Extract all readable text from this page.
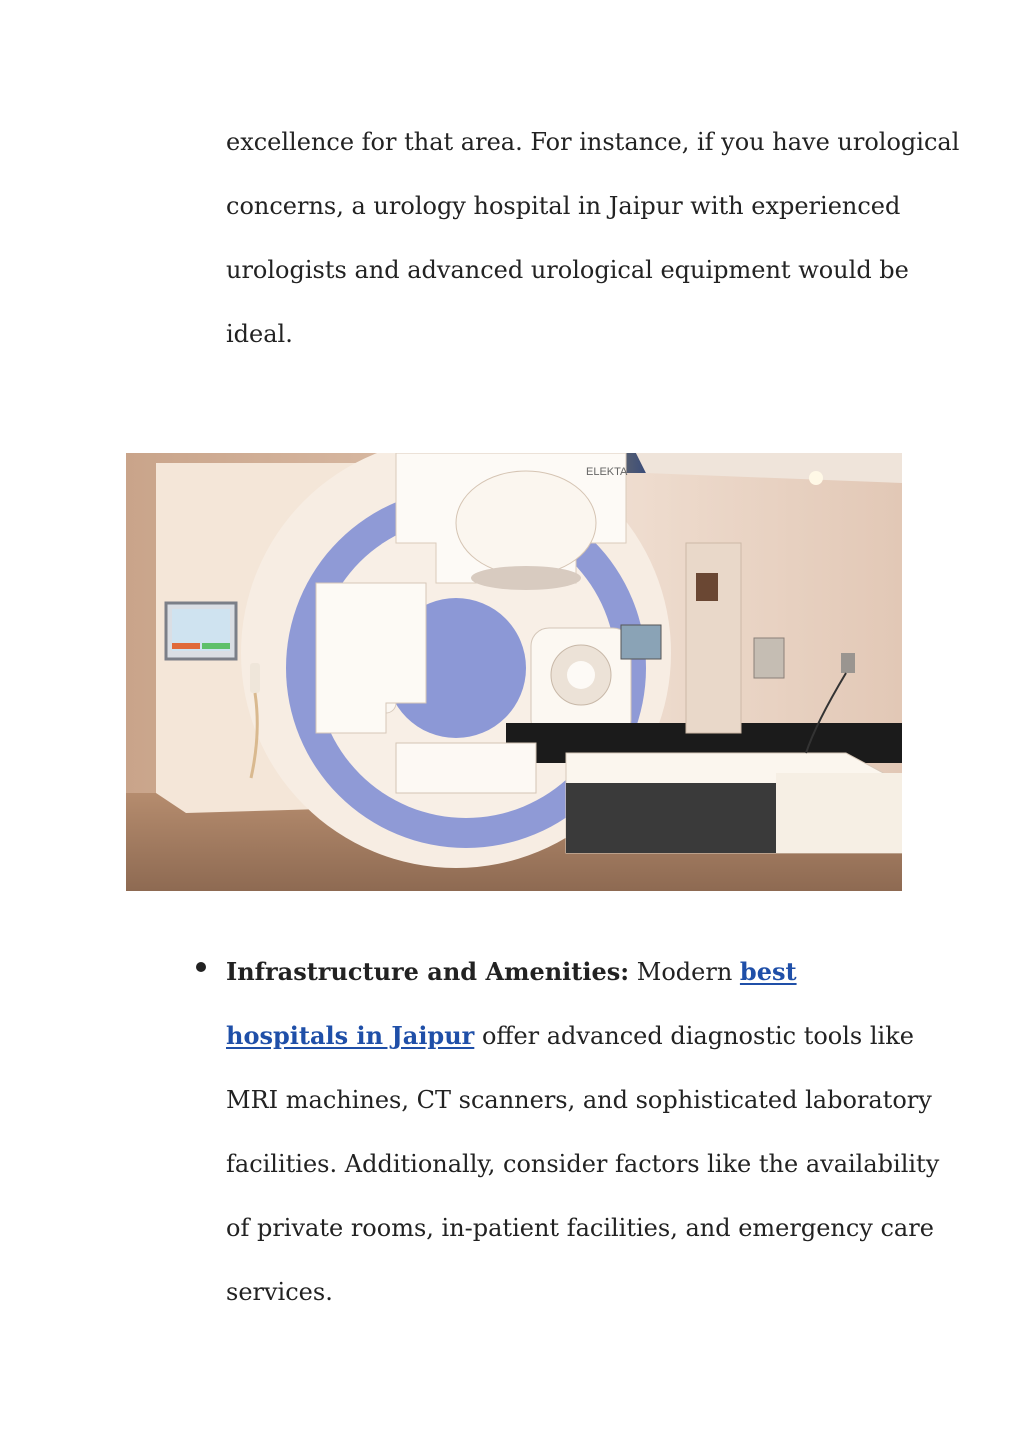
excellence for that area. For instance, if you have urological
concerns, a urology hospital in Jaipur with experienced
urologists and advanced urological equipment would be
ideal.

ELEKTA

Infrastructure and Amenities: Modern best
hospitals in Jaipur offer advanced diagnostic tools like
MRI machines, CT scanners, and sophisticated laboratory
facilities. Additionally, consider factors like the availability
of private rooms, in-patient facilities, and emergency care
services.
